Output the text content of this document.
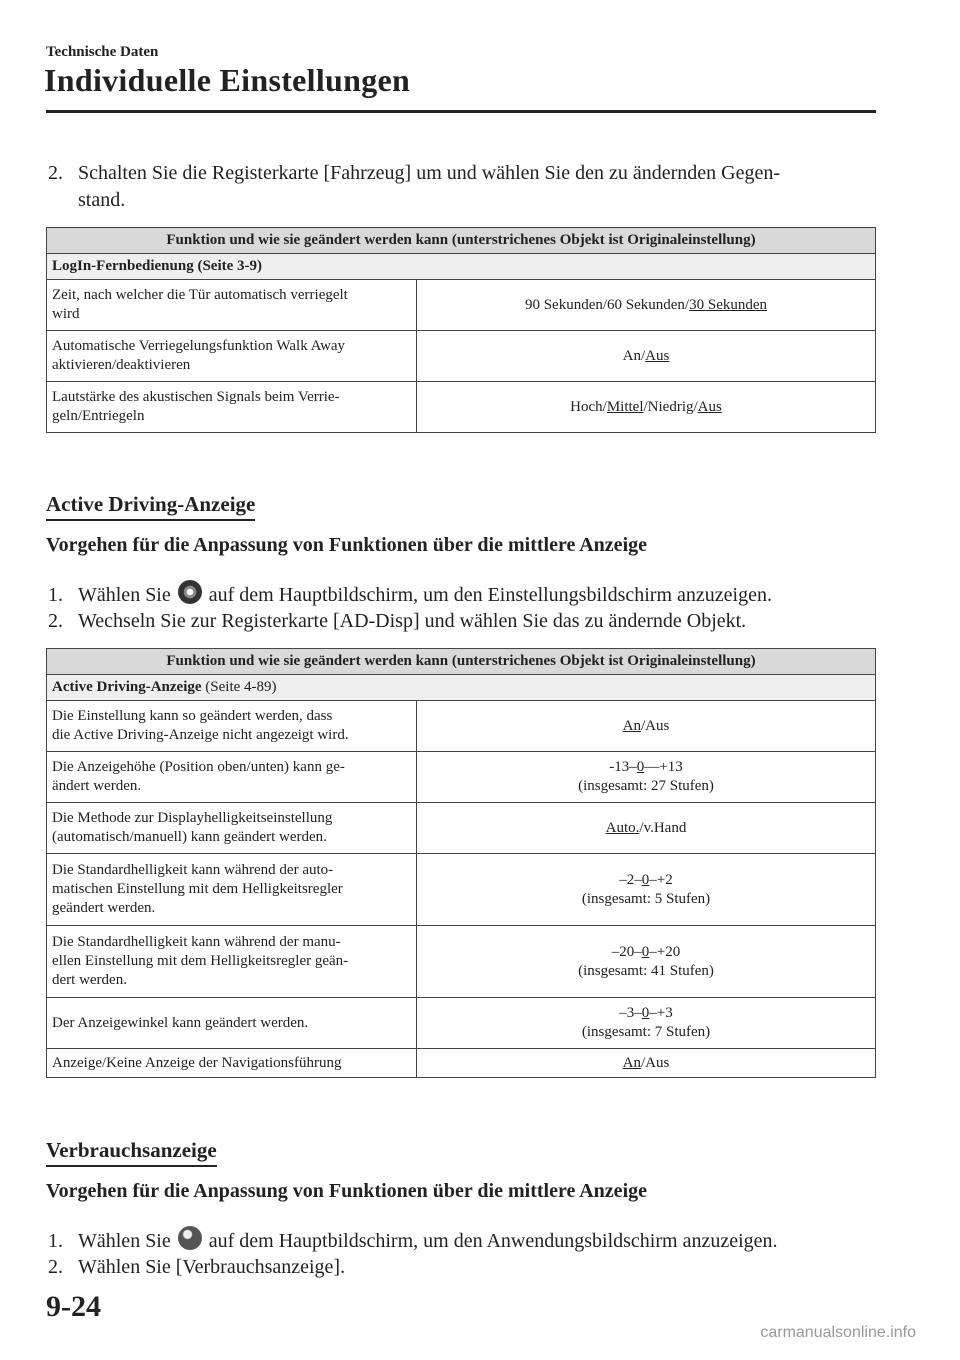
Technische Daten
Individuelle Einstellungen
2. Schalten Sie die Registerkarte [Fahrzeug] um und wählen Sie den zu ändernden Gegen-
stand.
Funktion und wie sie geändert werden kann (unterstrichenes Objekt ist Originaleinstellung)	
LogIn-Fernbedienung (Seite 3-9)	
Zeit, nach welcher die Tür automatisch verriegelt
wird	90 Sekunden/60 Sekunden/30 Sekunden
Automatische Verriegelungsfunktion Walk Away
aktivieren/deaktivieren	An/Aus
Lautstärke des akustischen Signals beim Verrie-
geln/Entriegeln	Hoch/Mittel/Niedrig/Aus
Active Driving-Anzeige
Vorgehen für die Anpassung von Funktionen über die mittlere Anzeige
1. Wählen Sie auf dem Hauptbildschirm, um den Einstellungsbildschirm anzuzeigen.
2. Wechseln Sie zur Registerkarte [AD-Disp] und wählen Sie das zu ändernde Objekt.
Funktion und wie sie geändert werden kann (unterstrichenes Objekt ist Originaleinstellung)	
Active Driving-Anzeige (Seite 4-89)	
Die Einstellung kann so geändert werden, dass
die Active Driving-Anzeige nicht angezeigt wird.	An/Aus
Die Anzeigehöhe (Position oben/unten) kann ge-
ändert werden.	-13–0—+13
(insgesamt: 27 Stufen)
Die Methode zur Displayhelligkeitseinstellung
(automatisch/manuell) kann geändert werden.	Auto./v.Hand
Die Standardhelligkeit kann während der auto-
matischen Einstellung mit dem Helligkeitsregler
geändert werden.	–2–0–+2
(insgesamt: 5 Stufen)
Die Standardhelligkeit kann während der manu-
ellen Einstellung mit dem Helligkeitsregler geän-
dert werden.	–20–0–+20
(insgesamt: 41 Stufen)
Der Anzeigewinkel kann geändert werden.	–3–0–+3
(insgesamt: 7 Stufen)
Anzeige/Keine Anzeige der Navigationsführung	An/Aus
Verbrauchsanzeige
Vorgehen für die Anpassung von Funktionen über die mittlere Anzeige
1. Wählen Sie auf dem Hauptbildschirm, um den Anwendungsbildschirm anzuzeigen.
2. Wählen Sie [Verbrauchsanzeige].
9-24
carmanualsonline.info
